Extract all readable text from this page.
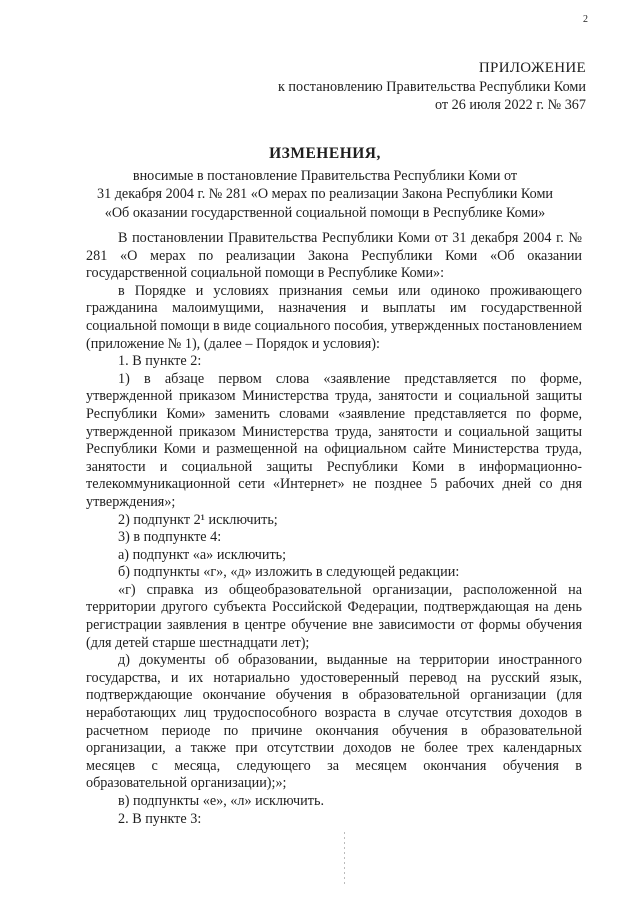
2
ПРИЛОЖЕНИЕ
к постановлению Правительства Республики Коми
от 26 июля 2022 г. № 367
ИЗМЕНЕНИЯ,
вносимые в постановление Правительства Республики Коми от
31 декабря 2004 г. № 281 «О мерах по реализации Закона Республики Коми
«Об оказании государственной социальной помощи в Республике Коми»

В постановлении Правительства Республики Коми от 31 декабря 2004 г. № 281 «О мерах по реализации Закона Республики Коми «Об оказании государственной социальной помощи в Республике Коми»:

в Порядке и условиях признания семьи или одиноко проживающего гражданина малоимущими, назначения и выплаты им государственной социальной помощи в виде социального пособия, утвержденных постановлением (приложение № 1), (далее – Порядок и условия):

1. В пункте 2:

1) в абзаце первом слова «заявление представляется по форме, утвержденной приказом Министерства труда, занятости и социальной защиты Республики Коми» заменить словами «заявление представляется по форме, утвержденной приказом Министерства труда, занятости и социальной защиты Республики Коми и размещенной на официальном сайте Министерства труда, занятости и социальной защиты Республики Коми в информационно-телекоммуникационной сети «Интернет» не позднее 5 рабочих дней со дня утверждения»;

2) подпункт 2¹ исключить;

3) в подпункте 4:

а) подпункт «а» исключить;

б) подпункты «г», «д» изложить в следующей редакции:

«г) справка из общеобразовательной организации, расположенной на территории другого субъекта Российской Федерации, подтверждающая на день регистрации заявления в центре обучение вне зависимости от формы обучения (для детей старше шестнадцати лет);

д) документы об образовании, выданные на территории иностранного государства, и их нотариально удостоверенный перевод на русский язык, подтверждающие окончание обучения в образовательной организации (для неработающих лиц трудоспособного возраста в случае отсутствия доходов в расчетном периоде по причине окончания обучения в образовательной организации, а также при отсутствии доходов не более трех календарных месяцев с месяца, следующего за месяцем окончания обучения в образовательной организации);»;

в) подпункты «е», «л» исключить.

2. В пункте 3:
